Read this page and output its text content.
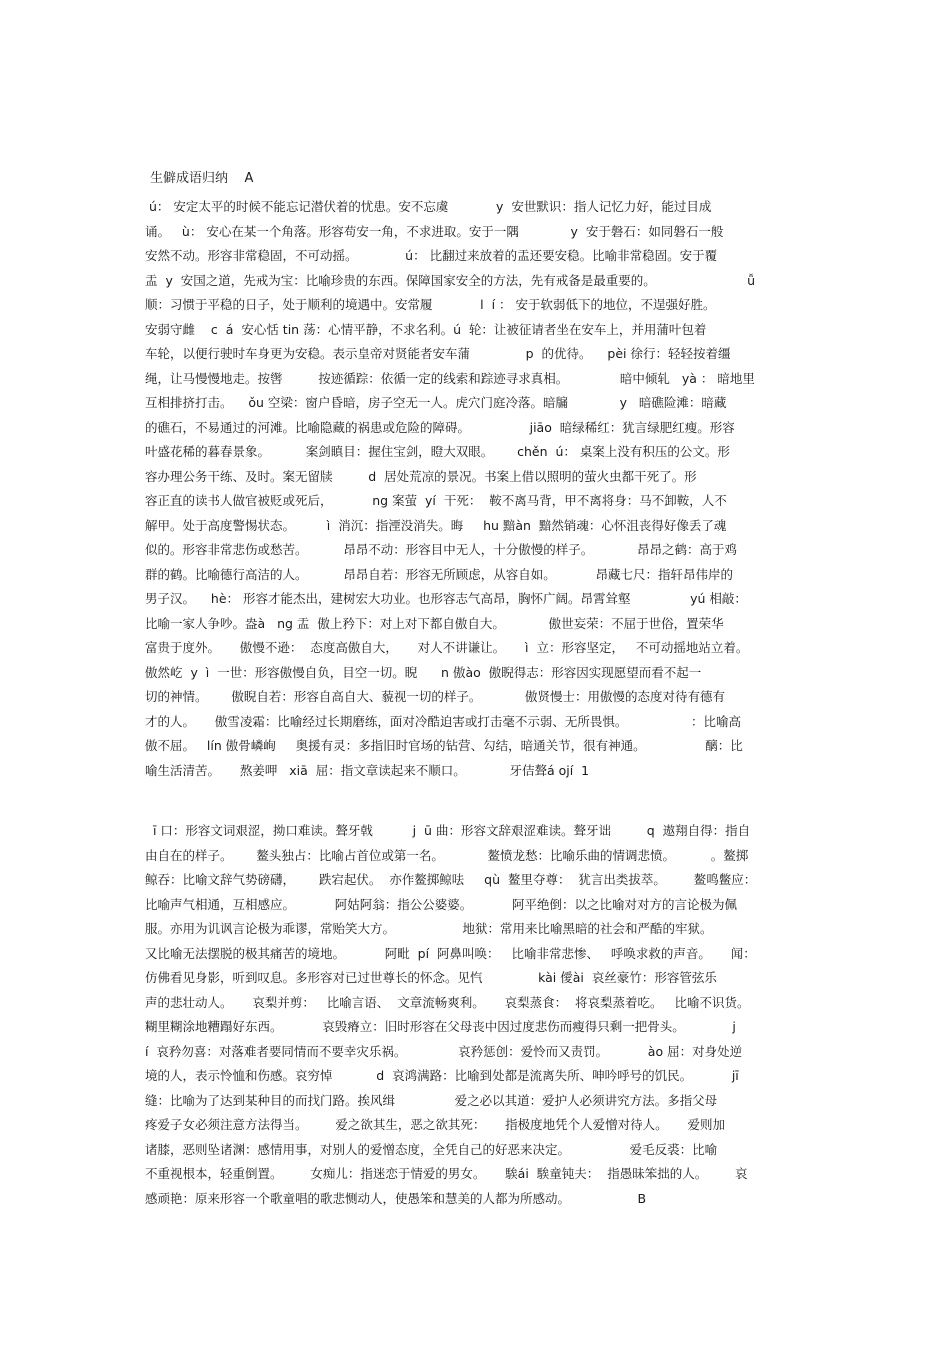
生僻成语归纳    A
ú： 安定太平的时候不能忘记潜伏着的忧患。安不忘虞            y  安世默识：指人记忆力好，能过目成
诵。   ù： 安心在某一个角落。形容苟安一角，不求进取。安于一隅             y  安于磐石：如同磐石一般
安然不动。形容非常稳固，不可动摇。            ú： 比翻过来放着的盂还要安稳。比喻非常稳固。安于覆
盂  y  安国之道，先戒为宝：比喻珍贵的东西。保障国家安全的方法，先有戒备是最重要的。                       ǚ
顺：习惯于平稳的日子，处于顺利的境遇中。安常履            l  í ： 安于软弱低下的地位，不逞强好胜。
安弱守雌    c  á  安心恬 tin 荡：心情平静，不求名利。ú  轮：让被征请者坐在安车上，并用蒲叶包着
车轮，以便行驶时车身更为安稳。表示皇帝对贤能者安车蒲              p  的优待。    pèi 徐行：轻轻按着缰
绳，让马慢慢地走。按辔         按迹循踪：依循一定的线索和踪迹寻求真相。             暗中倾轧   yà ： 暗地里
互相排挤打击。    ǒu 空梁：窗户昏暗，房子空无一人。虎穴门庭冷落。暗牖             y   暗礁险滩：暗藏
的礁石，不易通过的河滩。比喻隐藏的祸患或危险的障碍。               jiāo  暗绿稀红：犹言绿肥红瘦。形容
叶盛花稀的暮春景象。         案剑瞋目：握住宝剑，瞪大双眼。      chěn  ú： 桌案上没有积压的公文。形
容办理公务干练、及时。案无留牍         d  居处荒凉的景况。书案上借以照明的萤火虫都干死了。形
容正直的读书人做官被贬或死后，          ng 案萤  yí  干死：  鞍不离马背，甲不离将身：马不卸鞍，人不
解甲。处于高度警惕状态。        ì  消沉：指湮没消失。晦     hu 黯àn  黯然销魂：心怀沮丧得好像丢了魂
似的。形容非常悲伤或愁苦。         昂昂不动：形容目中无人，十分傲慢的样子。           昂昂之鹤：高于鸡
群的鹤。比喻德行高洁的人。         昂昂自若：形容无所顾虑，从容自如。          昂藏七尺：指轩昂伟岸的
男子汉。    hè： 形容才能杰出，建树宏大功业。也形容志气高昂，胸怀广阔。昂霄耸壑               yú 相敲：
比喻一家人争吵。盎à   ng 盂  傲上矜下：对上对下都自傲自大。           傲世妄荣：不屈于世俗，置荣华
富贵于度外。     傲慢不逊：  态度高傲自大，     对人不讲谦让。     ì  立：形容坚定，   不可动摇地站立着。
傲然屹  y  ì  一世：形容傲慢自负，目空一切。睨      n 傲ào  傲睨得志：形容因实现愿望而看不起一
切的神情。      傲睨自若：形容自高自大、藐视一切的样子。           傲贤慢士：用傲慢的态度对待有德有
才的人。     傲雪凌霜：比喻经过长期磨练，面对冷酷迫害或打击毫不示弱、无所畏惧。                ：比喻高
傲不屈。   lín 傲骨嶙峋     奥援有灵：多指旧时官场的钻营、勾结，暗通关节，很有神通。               醨：比
喻生活清苦。     熬姜呷   xiā  屈：指文章读起来不顺口。           牙佶聱á ojí  1
ī 口：形容文词艰涩，拗口难读。聱牙戟          j  ū 曲：形容文辞艰涩难读。聱牙诎         q  遨翔自得：指自
由自在的样子。      鳌头独占：比喻占首位或第一名。           鳌愤龙愁：比喻乐曲的情调悲愤。         。鳌掷
鲸吞：比喻文辞气势磅礴，      跌宕起伏。  亦作鳌掷鲸呿     qù  鳌里夺尊：  犹言出类拔萃。       鳌鸣鳖应：
比喻声气相通，互相感应。          阿姑阿翁：指公公婆婆。          阿平绝倒：以之比喻对对方的言论极为佩
服。亦用为讥讽言论极为乖谬，常贻笑大方。                 地狱：常用来比喻黑暗的社会和严酷的牢狱。
又比喻无法摆脱的极其痛苦的境地。          阿毗  pí  阿鼻叫唤：   比喻非常悲惨、   呼唤求救的声音。     闻：
仿佛看见身影，听到叹息。多形容对已过世尊长的怀念。见忾              kài 僾ài  哀丝豪竹：形容管弦乐
声的悲壮动人。     哀梨并剪：   比喻言语、  文章流畅爽利。     哀梨蒸食：  将哀梨蒸着吃。   比喻不识货。
糊里糊涂地糟蹋好东西。          哀毁瘠立：旧时形容在父母丧中因过度悲伤而瘦得只剩一把骨头。            j
í  哀矜勿喜：对落难者要同情而不要幸灾乐祸。             哀矜惩创：爱怜而又责罚。          ào 屈：对身处逆
境的人，表示怜恤和伤感。哀穷悼           d  哀鸿满路：比喻到处都是流离失所、呻吟呼号的饥民。          jī
缝：比喻为了达到某种目的而找门路。挨风缉               爱之必以其道：爱护人必须讲究方法。多指父母
疼爱子女必须注意方法得当。       爱之欲其生，恶之欲其死：     指极度地凭个人爱憎对待人。     爱则加
诸膝，恶则坠诸渊：感情用事，对别人的爱憎态度，全凭自己的好恶来决定。               爱毛反裘：比喻
不重视根本，轻重倒置。       女痴儿：指迷恋于情爱的男女。     騃ái  騃童钝夫：  指愚昧笨拙的人。       哀
感顽艳：原来形容一个歌童唱的歌悲恻动人，使愚笨和慧美的人都为所感动。                 B
